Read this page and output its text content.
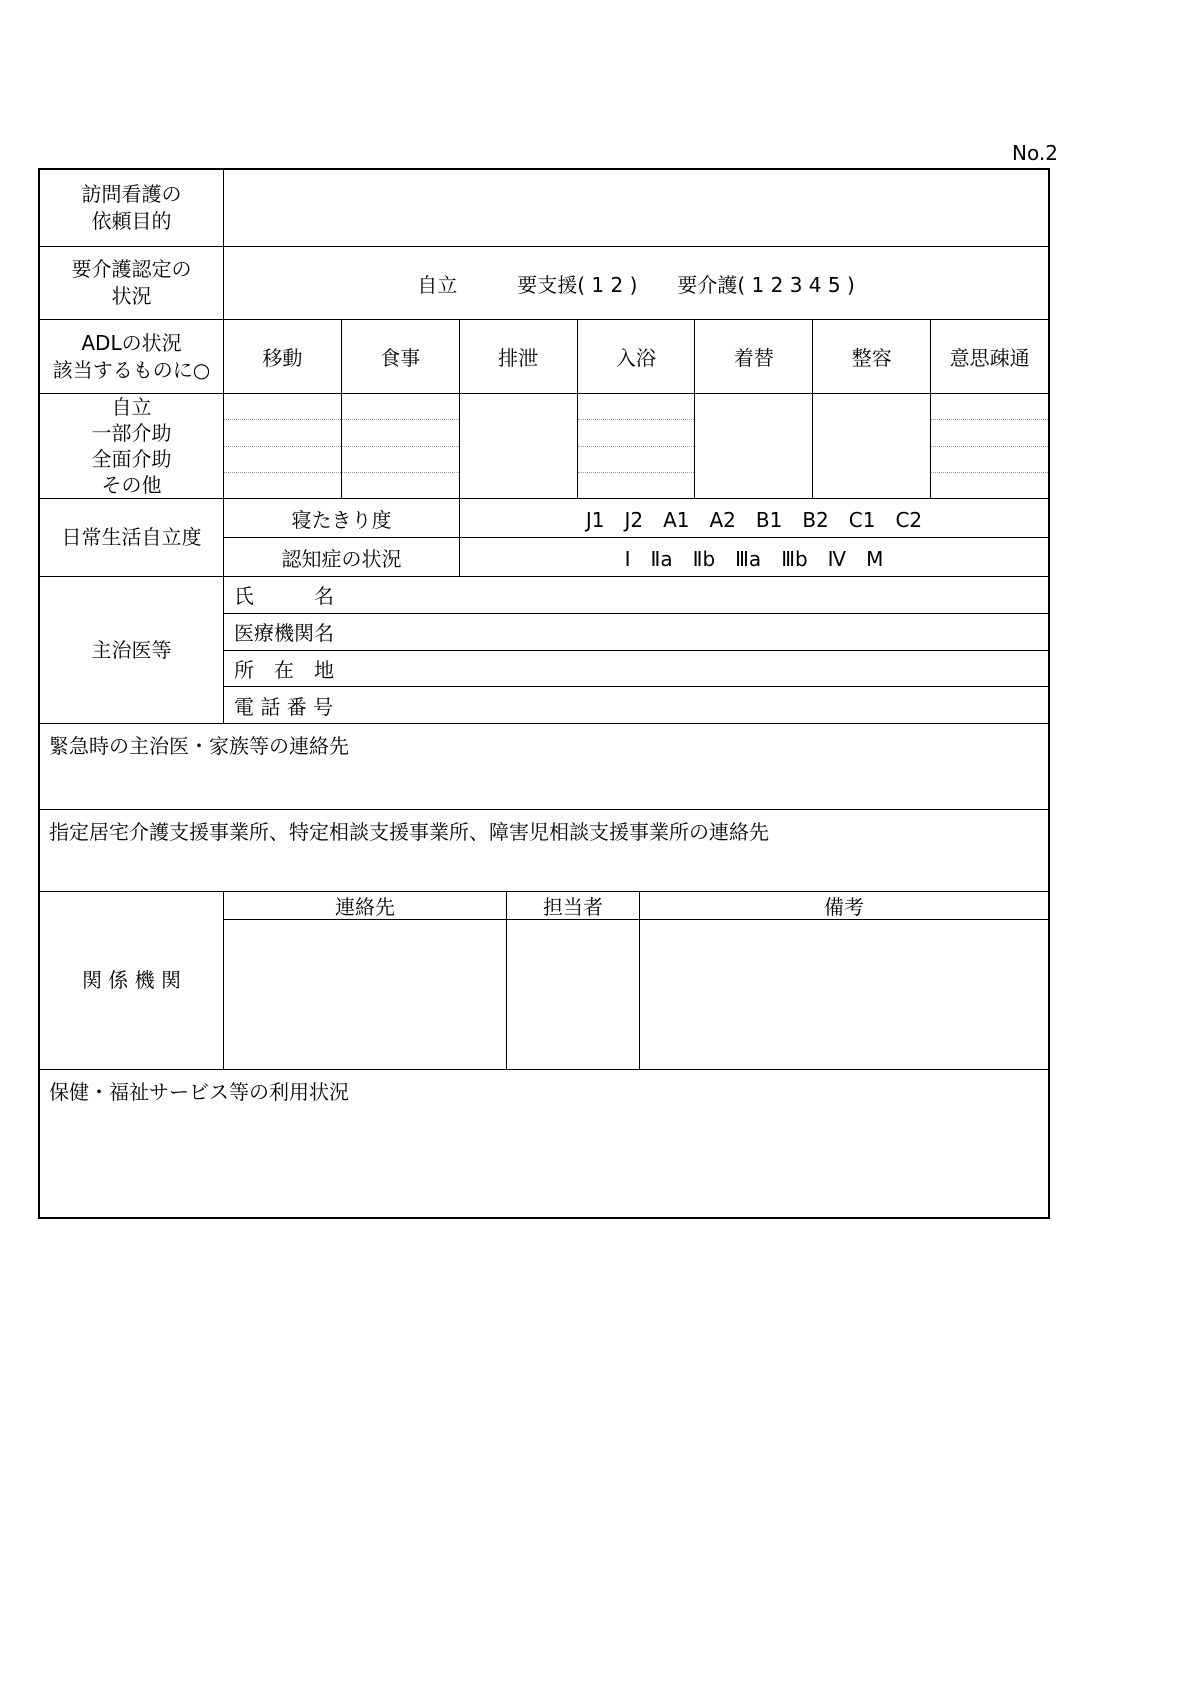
No.2
訪問看護の
依頼目的
要介護認定の
状況	自立　　　要支援( 1 2 )　　要介護( 1 2 3 4 5 )
ADLの状況
該当するものに○	移動	食事	排泄	入浴	着替	整容	意思疎通
自立
一部介助
全面介助
その他
日常生活自立度
寝たきり度	J1　J2　A1　A2　B1　B2　C1　C2
認知症の状況	Ⅰ　Ⅱa　Ⅱb　Ⅲa　Ⅲb　Ⅳ　M
主治医等
氏　　　名
医療機関名
所　在　地
電 話 番 号
緊急時の主治医・家族等の連絡先
指定居宅介護支援事業所、特定相談支援事業所、障害児相談支援事業所の連絡先
関 係 機 関
連絡先	担当者	備考
保健・福祉サービス等の利用状況
